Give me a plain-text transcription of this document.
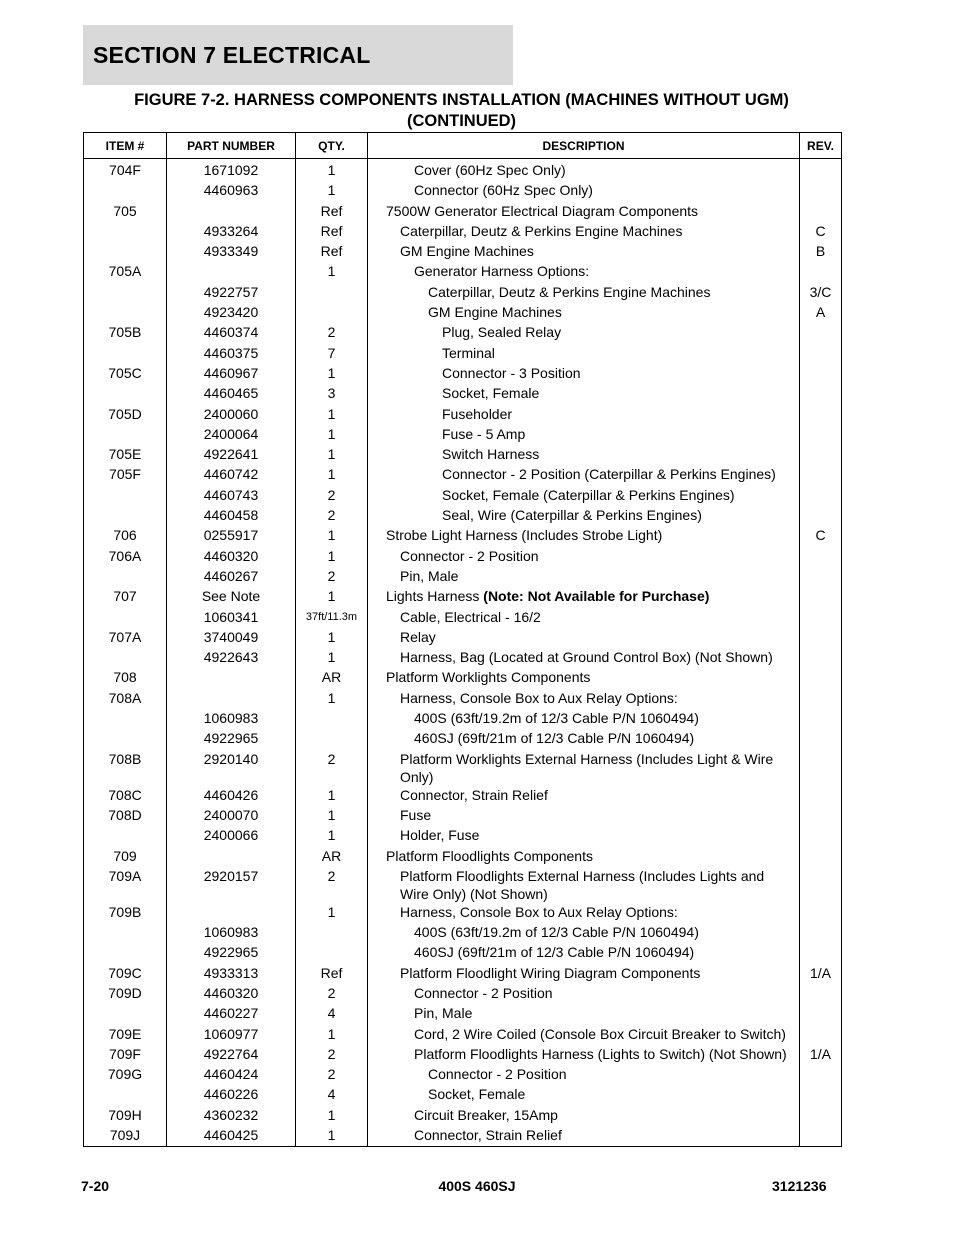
SECTION 7 ELECTRICAL
FIGURE 7-2. HARNESS COMPONENTS INSTALLATION (MACHINES WITHOUT UGM)
(CONTINUED)
ITEM #	PART NUMBER	QTY.	DESCRIPTION	REV.
704F	1671092	1	Cover (60Hz Spec Only)	
	4460963	1	Connector (60Hz Spec Only)	
705		Ref	7500W Generator Electrical Diagram Components	
	4933264	Ref	Caterpillar, Deutz & Perkins Engine Machines	C
	4933349	Ref	GM Engine Machines	B
705A		1	Generator Harness Options:	
	4922757		Caterpillar, Deutz & Perkins Engine Machines	3/C
	4923420		GM Engine Machines	A
705B	4460374	2	Plug, Sealed Relay	
	4460375	7	Terminal	
705C	4460967	1	Connector - 3 Position	
	4460465	3	Socket, Female	
705D	2400060	1	Fuseholder	
	2400064	1	Fuse - 5 Amp	
705E	4922641	1	Switch Harness	
705F	4460742	1	Connector - 2 Position (Caterpillar & Perkins Engines)	
	4460743	2	Socket, Female (Caterpillar & Perkins Engines)	
	4460458	2	Seal, Wire (Caterpillar & Perkins Engines)	
706	0255917	1	Strobe Light Harness (Includes Strobe Light)	C
706A	4460320	1	Connector - 2 Position	
	4460267	2	Pin, Male	
707	See Note	1	Lights Harness (Note: Not Available for Purchase)	
	1060341	37ft/11.3m	Cable, Electrical - 16/2	
707A	3740049	1	Relay	
	4922643	1	Harness, Bag (Located at Ground Control Box) (Not Shown)	
708		AR	Platform Worklights Components	
708A		1	Harness, Console Box to Aux Relay Options:	
	1060983		400S (63ft/19.2m of 12/3 Cable P/N 1060494)	
	4922965		460SJ (69ft/21m of 12/3 Cable P/N 1060494)	
708B	2920140	2	Platform Worklights External Harness (Includes Light & Wire Only)	
708C	4460426	1	Connector, Strain Relief	
708D	2400070	1	Fuse	
	2400066	1	Holder, Fuse	
709		AR	Platform Floodlights Components	
709A	2920157	2	Platform Floodlights External Harness (Includes Lights and Wire Only) (Not Shown)	
709B		1	Harness, Console Box to Aux Relay Options:	
	1060983		400S (63ft/19.2m of 12/3 Cable P/N 1060494)	
	4922965		460SJ (69ft/21m of 12/3 Cable P/N 1060494)	
709C	4933313	Ref	Platform Floodlight Wiring Diagram Components	1/A
709D	4460320	2	Connector - 2 Position	
	4460227	4	Pin, Male	
709E	1060977	1	Cord, 2 Wire Coiled (Console Box Circuit Breaker to Switch)	
709F	4922764	2	Platform Floodlights Harness (Lights to Switch) (Not Shown)	1/A
709G	4460424	2	Connector - 2 Position	
	4460226	4	Socket, Female	
709H	4360232	1	Circuit Breaker, 15Amp	
709J	4460425	1	Connector, Strain Relief	
7-20	400S 460SJ	3121236
